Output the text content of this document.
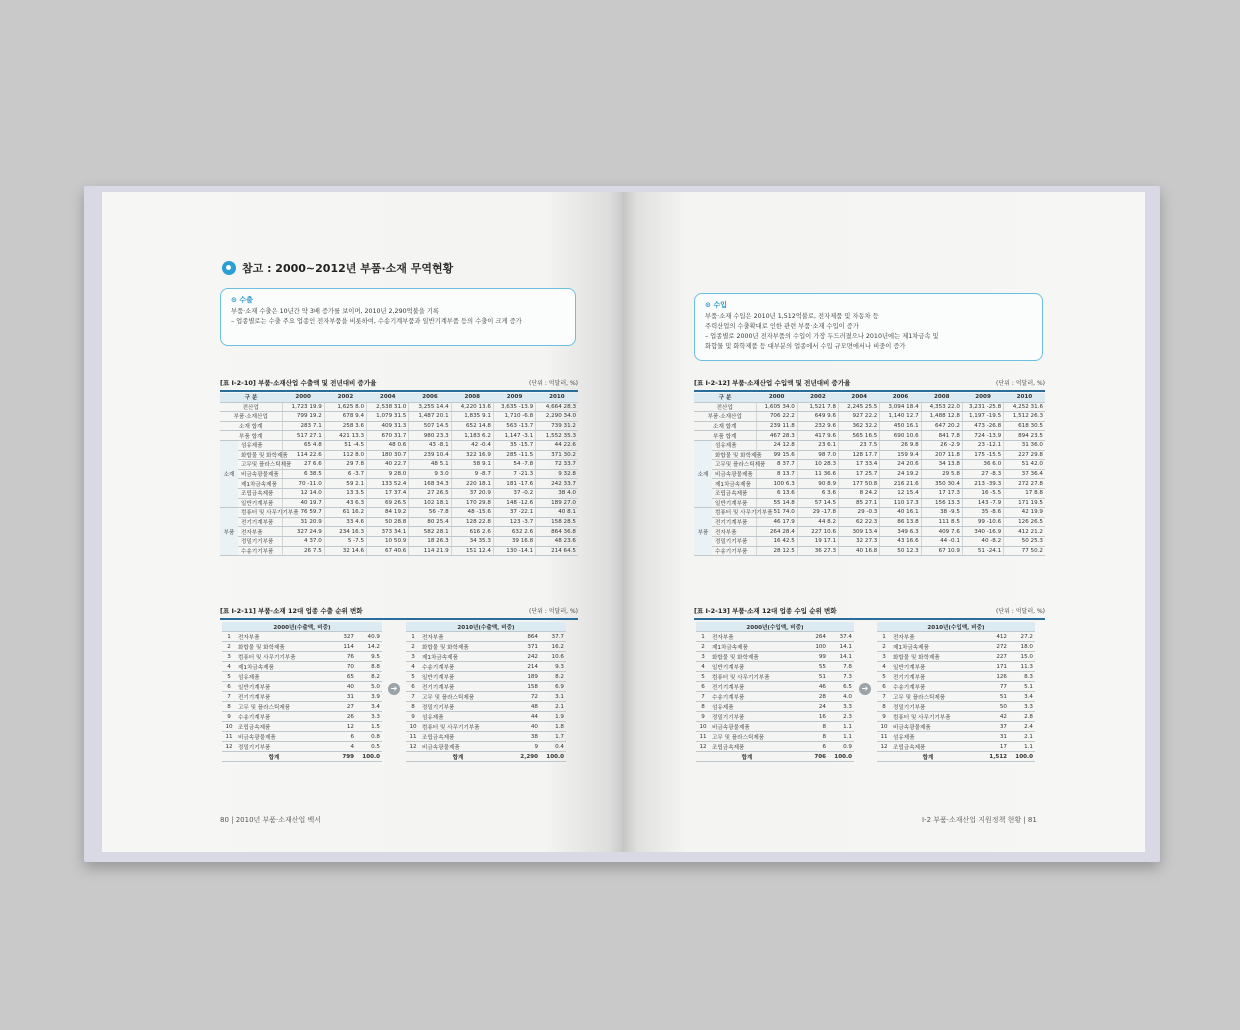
참고 : 2000~2012년 부품·소재 무역현황
⊙ 수출
부품·소재 수출은 10년간 약 3배 증가를 보이며, 2010년 2,290억불을 기록
– 업종별로는 수출 주요 업종인 전자부품을 비롯하여, 수송기계부품과 일반기계부품 등의 수출이 크게 증가
[표 Ⅰ-2-10] 부품·소재산업 수출액 및 전년대비 증가율	(단위 : 억달러, %)
구 분		2000	2002	2004	2006	2008	2009	2010
전산업		1,723 19.9	1,625 8.0	2,538 31.0	3,255 14.4	4,220 13.6	3,635 -13.9	4,664 28.3
부품·소재산업		799 19.2	678 9.4	1,079 31.5	1,487 20.1	1,835 9.1	1,710 -6.8	2,290 34.0
소재 합계		283 7.1	258 3.6	409 31.3	507 14.5	652 14.8	563 -13.7	739 31.2
부품 합계		517 27.1	421 13.3	670 31.7	980 23.3	1,183 6.2	1,147 -3.1	1,552 35.3
소재	섬유제품	65 4.8	51 -4.5	48 0.6	43 -8.1	42 -0.4	35 -15.7	44 22.6
	화합물 및 화학제품	114 22.6	112 8.0	180 30.7	239 10.4	322 16.9	285 -11.5	371 30.2
	고무및 플라스틱제품	27 6.6	29 7.8	40 22.7	48 5.1	58 9.1	54 -7.8	72 33.7
	비금속광물제품	6 38.5	6 -3.7	9 28.0	9 3.0	9 -8.7	7 -21.3	9 32.8
	제1차금속제품	70 -11.0	59 2.1	133 52.4	168 34.3	220 18.1	181 -17.6	242 33.7
	조립금속제품	12 14.0	13 3.5	17 37.4	27 26.5	37 20.9	37 -0.2	38 4.0
	일반기계부품	40 19.7	43 6.3	69 26.5	102 18.1	170 29.8	148 -12.6	189 27.0
부품	컴퓨터 및 사무기기부품	76 59.7	61 16.2	84 19.2	56 -7.8	48 -15.6	37 -22.1	40 8.1
	전기기계부품	31 20.9	33 4.6	50 28.8	80 25.4	128 22.8	123 -3.7	158 28.5
	전자부품	327 24.9	234 16.3	373 34.1	582 28.1	616 2.6	632 2.6	864 36.8
	정밀기기부품	4 37.0	5 -7.5	10 50.9	18 26.3	34 35.3	39 16.8	48 23.6
	수송기기부품	26 7.5	32 14.6	67 40.6	114 21.9	151 12.4	130 -14.1	214 64.5
[표 Ⅰ-2-11] 부품·소재 12대 업종 수출 순위 변화	(단위 : 억달러, %)
2000년(수출액, 비중)			
1	전자부품	327	40.9
2	화합물 및 화학제품	114	14.2
3	컴퓨터 및 사무기기부품	76	9.5
4	제1차금속제품	70	8.8
5	섬유제품	65	8.2
6	일반기계부품	40	5.0
7	전기기계부품	31	3.9
8	고무 및 플라스틱제품	27	3.4
9	수송기계부품	26	3.3
10	조립금속제품	12	1.5
11	비금속광물제품	6	0.8
12	정밀기기부품	4	0.5
합계		799	100.0
➔
2010년(수출액, 비중)			
1	전자부품	864	37.7
2	화합물 및 화학제품	371	16.2
3	제1차금속제품	242	10.6
4	수송기계부품	214	9.3
5	일반기계부품	189	8.2
6	전기기계부품	158	6.9
7	고무 및 플라스틱제품	72	3.1
8	정밀기기부품	48	2.1
9	섬유제품	44	1.9
10	컴퓨터 및 사무기기부품	40	1.8
11	조립금속제품	38	1.7
12	비금속광물제품	9	0.4
합계		2,290	100.0
80 | 2010년 부품·소재산업 백서
⊙ 수입
부품·소재 수입은 2010년 1,512억불로, 전자제품 및 자동차 등
주력산업의 수출확대로 인한 관련 부품·소재 수입이 증가
– 업종별로 2000년 전자부품의 수입이 가장 두드러졌으나 2010년에는 제1차금속 및
화합물 및 화학제품 등 대부분의 업종에서 수입 규모면에서나 비중이 증가
[표 Ⅰ-2-12] 부품·소재산업 수입액 및 전년대비 증가율	(단위 : 억달러, %)
구 분		2000	2002	2004	2006	2008	2009	2010
전산업		1,605 34.0	1,521 7.8	2,245 25.5	3,094 18.4	4,353 22.0	3,231 -25.8	4,252 31.6
부품·소재산업		706 22.2	649 9.6	927 22.2	1,140 12.7	1,488 12.8	1,197 -19.5	1,512 26.3
소재 합계		239 11.8	232 9.6	362 32.2	450 16.1	647 20.2	473 -26.8	618 30.5
부품 합계		467 28.3	417 9.6	565 16.5	690 10.6	841 7.8	724 -13.9	894 23.5
소재	섬유제품	24 12.8	23 6.1	23 7.5	26 9.8	26 -2.9	23 -12.1	31 36.0
	화합물 및 화학제품	99 15.6	98 7.0	128 17.7	159 9.4	207 11.8	175 -15.5	227 29.8
	고무및 플라스틱제품	8 37.7	10 28.3	17 33.4	24 20.6	34 13.8	36 6.0	51 42.0
	비금속광물제품	8 13.7	11 36.6	17 25.7	24 19.2	29 5.8	27 -8.3	37 36.4
	제1차금속제품	100 6.3	90 8.9	177 50.8	216 21.6	350 30.4	213 -39.3	272 27.8
	조립금속제품	6 13.6	6 3.6	8 24.2	12 15.4	17 17.3	16 -5.5	17 8.8
	일반기계부품	55 14.8	57 14.5	85 27.1	110 17.3	156 13.3	143 -7.9	171 19.5
부품	컴퓨터 및 사무기기부품	51 74.0	29 -17.8	29 -0.3	40 16.1	38 -9.5	35 -8.6	42 19.9
	전기기계부품	46 17.9	44 8.2	62 22.3	86 13.8	111 8.5	99 -10.6	126 26.5
	전자부품	264 28.4	227 10.6	309 13.4	349 6.3	409 7.6	340 -16.9	412 21.2
	정밀기기부품	16 42.5	19 17.1	32 27.3	43 16.6	44 -0.1	40 -8.2	50 25.3
	수송기기부품	28 12.5	36 27.3	40 16.8	50 12.3	67 10.9	51 -24.1	77 50.2
[표 Ⅰ-2-13] 부품·소재 12대 업종 수입 순위 변화	(단위 : 억달러, %)
2000년(수입액, 비중)			
1	전자부품	264	37.4
2	제1차금속제품	100	14.1
3	화합물 및 화학제품	99	14.1
4	일반기계부품	55	7.8
5	컴퓨터 및 사무기기부품	51	7.3
6	전기기계부품	46	6.5
7	수송기계부품	28	4.0
8	섬유제품	24	3.3
9	정밀기기부품	16	2.3
10	비금속광물제품	8	1.1
11	고무 및 플라스틱제품	8	1.1
12	조립금속제품	6	0.9
합계		706	100.0
➔
2010년(수입액, 비중)			
1	전자부품	412	27.2
2	제1차금속제품	272	18.0
3	화합물 및 화학제품	227	15.0
4	일반기계부품	171	11.3
5	전기기계부품	126	8.3
6	수송기계부품	77	5.1
7	고무 및 플라스틱제품	51	3.4
8	정밀기기부품	50	3.3
9	컴퓨터 및 사무기기부품	42	2.8
10	비금속광물제품	37	2.4
11	섬유제품	31	2.1
12	조립금속제품	17	1.1
합계		1,512	100.0
Ⅰ-2 부품·소재산업 지원정책 현황 | 81
